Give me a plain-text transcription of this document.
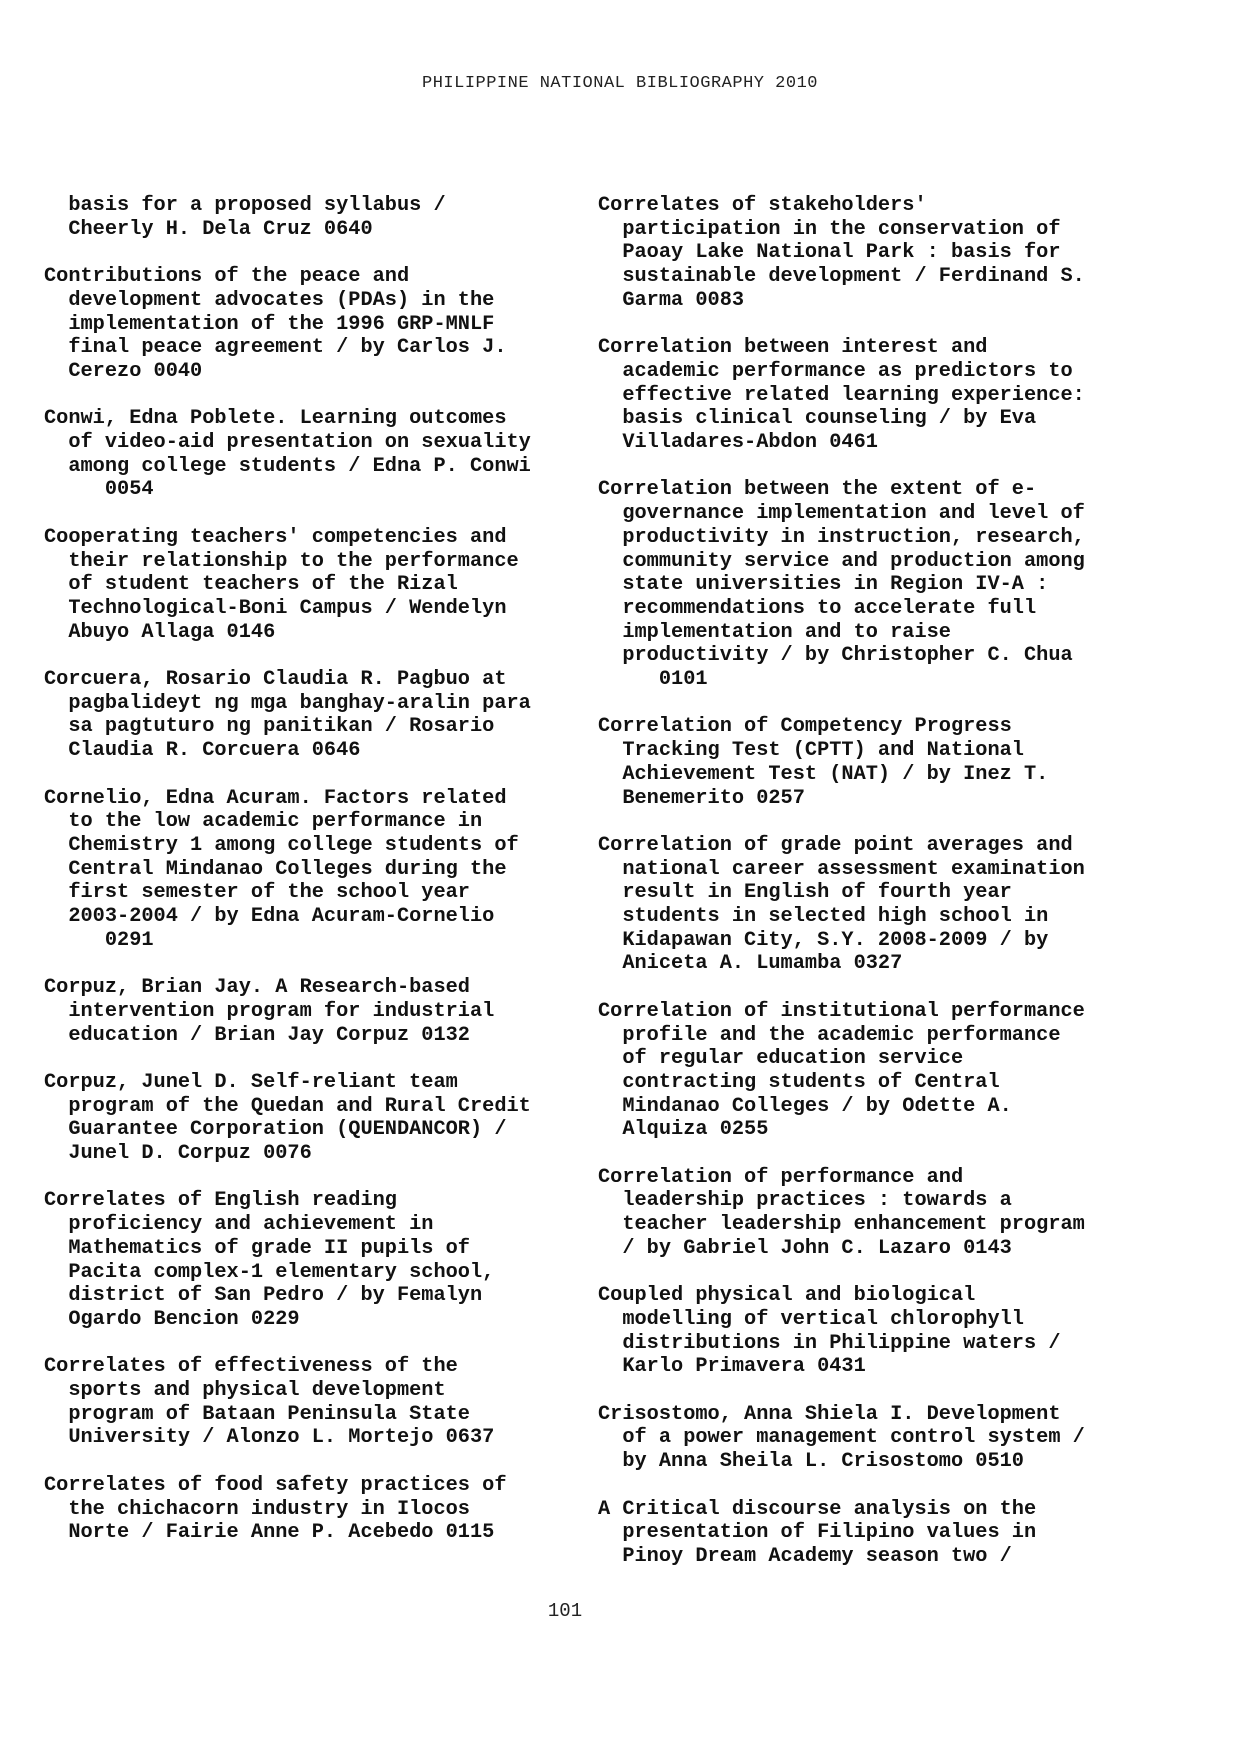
PHILIPPINE NATIONAL BIBLIOGRAPHY 2010
basis for a proposed syllabus /
Cheerly H. Dela Cruz 0640
Contributions of the peace and
development advocates (PDAs) in the
implementation of the 1996 GRP-MNLF
final peace agreement / by Carlos J.
Cerezo 0040
Conwi, Edna Poblete. Learning outcomes
of video-aid presentation on sexuality
among college students / Edna P. Conwi
0054
Cooperating teachers' competencies and
their relationship to the performance
of student teachers of the Rizal
Technological-Boni Campus / Wendelyn
Abuyo Allaga 0146
Corcuera, Rosario Claudia R. Pagbuo at
pagbalideyt ng mga banghay-aralin para
sa pagtuturo ng panitikan / Rosario
Claudia R. Corcuera 0646
Cornelio, Edna Acuram. Factors related
to the low academic performance in
Chemistry 1 among college students of
Central Mindanao Colleges during the
first semester of the school year
2003-2004 / by Edna Acuram-Cornelio
0291
Corpuz, Brian Jay. A Research-based
intervention program for industrial
education / Brian Jay Corpuz 0132
Corpuz, Junel D. Self-reliant team
program of the Quedan and Rural Credit
Guarantee Corporation (QUENDANCOR) /
Junel D. Corpuz 0076
Correlates of English reading
proficiency and achievement in
Mathematics of grade II pupils of
Pacita complex-1 elementary school,
district of San Pedro / by Femalyn
Ogardo Bencion 0229
Correlates of effectiveness of the
sports and physical development
program of Bataan Peninsula State
University / Alonzo L. Mortejo 0637
Correlates of food safety practices of
the chichacorn industry in Ilocos
Norte / Fairie Anne P. Acebedo 0115
Correlates of stakeholders'
participation in the conservation of
Paoay Lake National Park : basis for
sustainable development / Ferdinand S.
Garma 0083
Correlation between interest and
academic performance as predictors to
effective related learning experience:
basis clinical counseling / by Eva
Villadares-Abdon 0461
Correlation between the extent of e-
governance implementation and level of
productivity in instruction, research,
community service and production among
state universities in Region IV-A :
recommendations to accelerate full
implementation and to raise
productivity / by Christopher C. Chua
0101
Correlation of Competency Progress
Tracking Test (CPTT) and National
Achievement Test (NAT) / by Inez T.
Benemerito 0257
Correlation of grade point averages and
national career assessment examination
result in English of fourth year
students in selected high school in
Kidapawan City, S.Y. 2008-2009 / by
Aniceta A. Lumamba 0327
Correlation of institutional performance
profile and the academic performance
of regular education service
contracting students of Central
Mindanao Colleges / by Odette A.
Alquiza 0255
Correlation of performance and
leadership practices : towards a
teacher leadership enhancement program
/ by Gabriel John C. Lazaro 0143
Coupled physical and biological
modelling of vertical chlorophyll
distributions in Philippine waters /
Karlo Primavera 0431
Crisostomo, Anna Shiela I. Development
of a power management control system /
by Anna Sheila L. Crisostomo 0510
A Critical discourse analysis on the
presentation of Filipino values in
Pinoy Dream Academy season two /
101
